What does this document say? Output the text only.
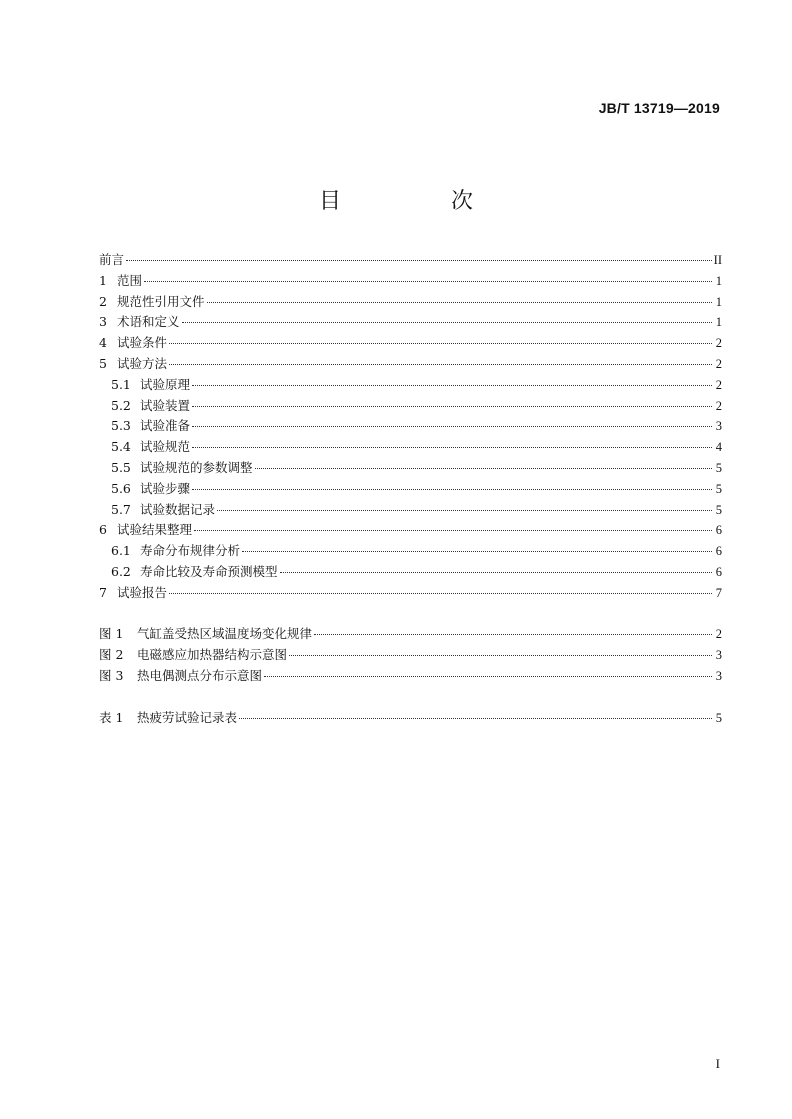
JB/T 13719—2019
目　次
前言	II
1 范围	1
2 规范性引用文件	1
3 术语和定义	1
4 试验条件	2
5 试验方法	2
5.1 试验原理	2
5.2 试验装置	2
5.3 试验准备	3
5.4 试验规范	4
5.5 试验规范的参数调整	5
5.6 试验步骤	5
5.7 试验数据记录	5
6 试验结果整理	6
6.1 寿命分布规律分析	6
6.2 寿命比较及寿命预测模型	6
7 试验报告	7
图 1	气缸盖受热区域温度场变化规律	2
图 2	电磁感应加热器结构示意图	3
图 3	热电偶测点分布示意图	3
表 1	热疲劳试验记录表	5
I
